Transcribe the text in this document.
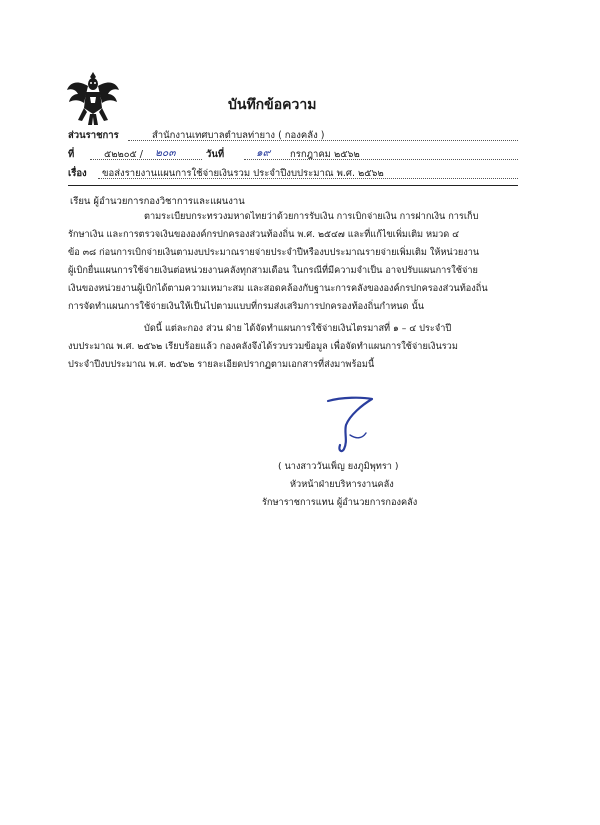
บันทึกข้อความ
ส่วนราชการ	สำนักงานเทศบาลตำบลท่ายาง ( กองคลัง )
ที่	๕๒๒๐๕ / ๒๐๓	วันที่	๑๙ กรกฎาคม ๒๕๖๒
เรื่อง ขอส่งรายงานแผนการใช้จ่ายเงินรวม ประจำปีงบประมาณ พ.ศ. ๒๕๖๒
เรียน ผู้อำนวยการกองวิชาการและแผนงาน
ตามระเบียบกระทรวงมหาดไทยว่าด้วยการรับเงิน การเบิกจ่ายเงิน การฝากเงิน การเก็บ
รักษาเงิน และการตรวจเงินขององค์กรปกครองส่วนท้องถิ่น พ.ศ. ๒๕๔๗ และที่แก้ไขเพิ่มเติม หมวด ๔
ข้อ ๓๘ ก่อนการเบิกจ่ายเงินตามงบประมาณรายจ่ายประจำปีหรืองบประมาณรายจ่ายเพิ่มเติม ให้หน่วยงาน
ผู้เบิกยื่นแผนการใช้จ่ายเงินต่อหน่วยงานคลังทุกสามเดือน ในกรณีที่มีความจำเป็น อาจปรับแผนการใช้จ่าย
เงินของหน่วยงานผู้เบิกได้ตามความเหมาะสม และสอดคล้องกับฐานะการคลังขององค์กรปกครองส่วนท้องถิ่น
การจัดทำแผนการใช้จ่ายเงินให้เป็นไปตามแบบที่กรมส่งเสริมการปกครองท้องถิ่นกำหนด นั้น
บัดนี้ แต่ละกอง ส่วน ฝ่าย ได้จัดทำแผนการใช้จ่ายเงินไตรมาสที่ ๑ – ๔ ประจำปี
งบประมาณ พ.ศ. ๒๕๖๒ เรียบร้อยแล้ว กองคลังจึงได้รวบรวมข้อมูล เพื่อจัดทำแผนการใช้จ่ายเงินรวม
ประจำปีงบประมาณ พ.ศ. ๒๕๖๒ รายละเอียดปรากฏตามเอกสารที่ส่งมาพร้อมนี้
( นางสาววันเพ็ญ ยงภูมิพุทรา )
หัวหน้าฝ่ายบริหารงานคลัง
รักษาราชการแทน ผู้อำนวยการกองคลัง
